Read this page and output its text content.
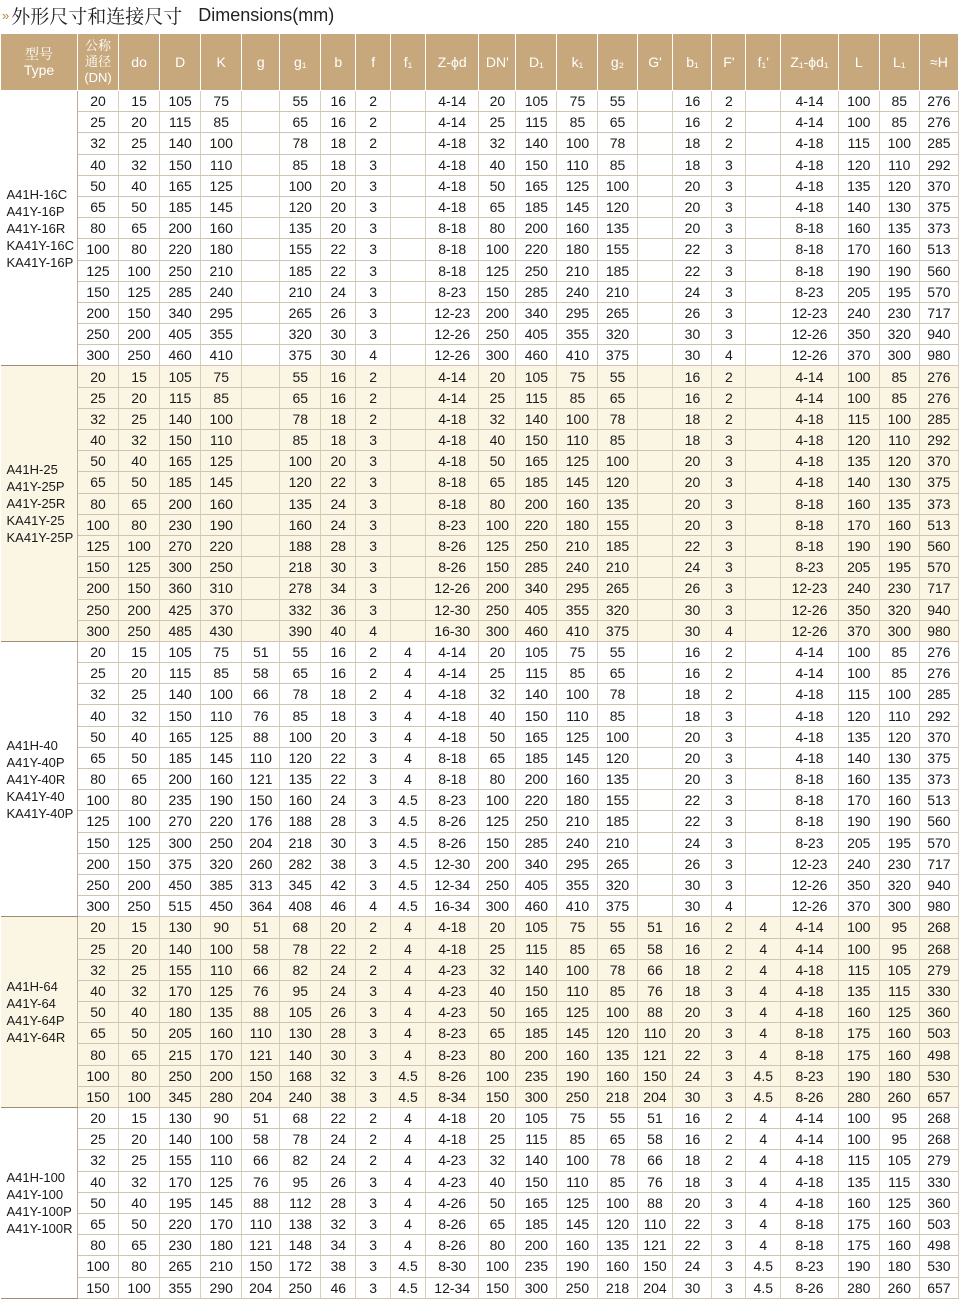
» 外形尺寸和连接尺寸 Dimensions(mm)
型号
Type	公称
通径
(DN)	do	D	K	g	g₁	b	f	f₁	Z-ϕd	DN'	D₁	k₁	g₂	G'	b₁	F'	f₁'	Z₁-ϕd₁	L	L₁	≈H
A41H-16C
A41Y-16P
A41Y-16R
KA41Y-16C
KA41Y-16P	20	15	105	75		55	16	2		4-14	20	105	75	55		16	2		4-14	100	85	276
	25	20	115	85		65	16	2		4-14	25	115	85	65		16	2		4-14	100	85	276
	32	25	140	100		78	18	2		4-18	32	140	100	78		18	2		4-18	115	100	285
	40	32	150	110		85	18	3		4-18	40	150	110	85		18	3		4-18	120	110	292
	50	40	165	125		100	20	3		4-18	50	165	125	100		20	3		4-18	135	120	370
	65	50	185	145		120	20	3		4-18	65	185	145	120		20	3		4-18	140	130	375
	80	65	200	160		135	20	3		8-18	80	200	160	135		20	3		8-18	160	135	373
	100	80	220	180		155	22	3		8-18	100	220	180	155		22	3		8-18	170	160	513
	125	100	250	210		185	22	3		8-18	125	250	210	185		22	3		8-18	190	190	560
	150	125	285	240		210	24	3		8-23	150	285	240	210		24	3		8-23	205	195	570
	200	150	340	295		265	26	3		12-23	200	340	295	265		26	3		12-23	240	230	717
	250	200	405	355		320	30	3		12-26	250	405	355	320		30	3		12-26	350	320	940
	300	250	460	410		375	30	4		12-26	300	460	410	375		30	4		12-26	370	300	980
A41H-25
A41Y-25P
A41Y-25R
KA41Y-25
KA41Y-25P	20	15	105	75		55	16	2		4-14	20	105	75	55		16	2		4-14	100	85	276
	25	20	115	85		65	16	2		4-14	25	115	85	65		16	2		4-14	100	85	276
	32	25	140	100		78	18	2		4-18	32	140	100	78		18	2		4-18	115	100	285
	40	32	150	110		85	18	3		4-18	40	150	110	85		18	3		4-18	120	110	292
	50	40	165	125		100	20	3		4-18	50	165	125	100		20	3		4-18	135	120	370
	65	50	185	145		120	22	3		8-18	65	185	145	120		20	3		4-18	140	130	375
	80	65	200	160		135	24	3		8-18	80	200	160	135		20	3		8-18	160	135	373
	100	80	230	190		160	24	3		8-23	100	220	180	155		20	3		8-18	170	160	513
	125	100	270	220		188	28	3		8-26	125	250	210	185		22	3		8-18	190	190	560
	150	125	300	250		218	30	3		8-26	150	285	240	210		24	3		8-23	205	195	570
	200	150	360	310		278	34	3		12-26	200	340	295	265		26	3		12-23	240	230	717
	250	200	425	370		332	36	3		12-30	250	405	355	320		30	3		12-26	350	320	940
	300	250	485	430		390	40	4		16-30	300	460	410	375		30	4		12-26	370	300	980
A41H-40
A41Y-40P
A41Y-40R
KA41Y-40
KA41Y-40P	20	15	105	75	51	55	16	2	4	4-14	20	105	75	55		16	2		4-14	100	85	276
	25	20	115	85	58	65	16	2	4	4-14	25	115	85	65		16	2		4-14	100	85	276
	32	25	140	100	66	78	18	2	4	4-18	32	140	100	78		18	2		4-18	115	100	285
	40	32	150	110	76	85	18	3	4	4-18	40	150	110	85		18	3		4-18	120	110	292
	50	40	165	125	88	100	20	3	4	4-18	50	165	125	100		20	3		4-18	135	120	370
	65	50	185	145	110	120	22	3	4	8-18	65	185	145	120		20	3		4-18	140	130	375
	80	65	200	160	121	135	22	3	4	8-18	80	200	160	135		20	3		8-18	160	135	373
	100	80	235	190	150	160	24	3	4.5	8-23	100	220	180	155		22	3		8-18	170	160	513
	125	100	270	220	176	188	28	3	4.5	8-26	125	250	210	185		22	3		8-18	190	190	560
	150	125	300	250	204	218	30	3	4.5	8-26	150	285	240	210		24	3		8-23	205	195	570
	200	150	375	320	260	282	38	3	4.5	12-30	200	340	295	265		26	3		12-23	240	230	717
	250	200	450	385	313	345	42	3	4.5	12-34	250	405	355	320		30	3		12-26	350	320	940
	300	250	515	450	364	408	46	4	4.5	16-34	300	460	410	375		30	4		12-26	370	300	980
A41H-64
A41Y-64
A41Y-64P
A41Y-64R	20	15	130	90	51	68	20	2	4	4-18	20	105	75	55	51	16	2	4	4-14	100	95	268
	25	20	140	100	58	78	22	2	4	4-18	25	115	85	65	58	16	2	4	4-14	100	95	268
	32	25	155	110	66	82	24	2	4	4-23	32	140	100	78	66	18	2	4	4-18	115	105	279
	40	32	170	125	76	95	24	3	4	4-23	40	150	110	85	76	18	3	4	4-18	135	115	330
	50	40	180	135	88	105	26	3	4	4-23	50	165	125	100	88	20	3	4	4-18	160	125	360
	65	50	205	160	110	130	28	3	4	8-23	65	185	145	120	110	20	3	4	8-18	175	160	503
	80	65	215	170	121	140	30	3	4	8-23	80	200	160	135	121	22	3	4	8-18	175	160	498
	100	80	250	200	150	168	32	3	4.5	8-26	100	235	190	160	150	24	3	4.5	8-23	190	180	530
	150	100	345	280	204	240	38	3	4.5	8-34	150	300	250	218	204	30	3	4.5	8-26	280	260	657
A41H-100
A41Y-100
A41Y-100P
A41Y-100R	20	15	130	90	51	68	22	2	4	4-18	20	105	75	55	51	16	2	4	4-14	100	95	268
	25	20	140	100	58	78	24	2	4	4-18	25	115	85	65	58	16	2	4	4-14	100	95	268
	32	25	155	110	66	82	24	2	4	4-23	32	140	100	78	66	18	2	4	4-18	115	105	279
	40	32	170	125	76	95	26	3	4	4-23	40	150	110	85	76	18	3	4	4-18	135	115	330
	50	40	195	145	88	112	28	3	4	4-26	50	165	125	100	88	20	3	4	4-18	160	125	360
	65	50	220	170	110	138	32	3	4	8-26	65	185	145	120	110	22	3	4	8-18	175	160	503
	80	65	230	180	121	148	34	3	4	8-26	80	200	160	135	121	22	3	4	8-18	175	160	498
	100	80	265	210	150	172	38	3	4.5	8-30	100	235	190	160	150	24	3	4.5	8-23	190	180	530
	150	100	355	290	204	250	46	3	4.5	12-34	150	300	250	218	204	30	3	4.5	8-26	280	260	657
